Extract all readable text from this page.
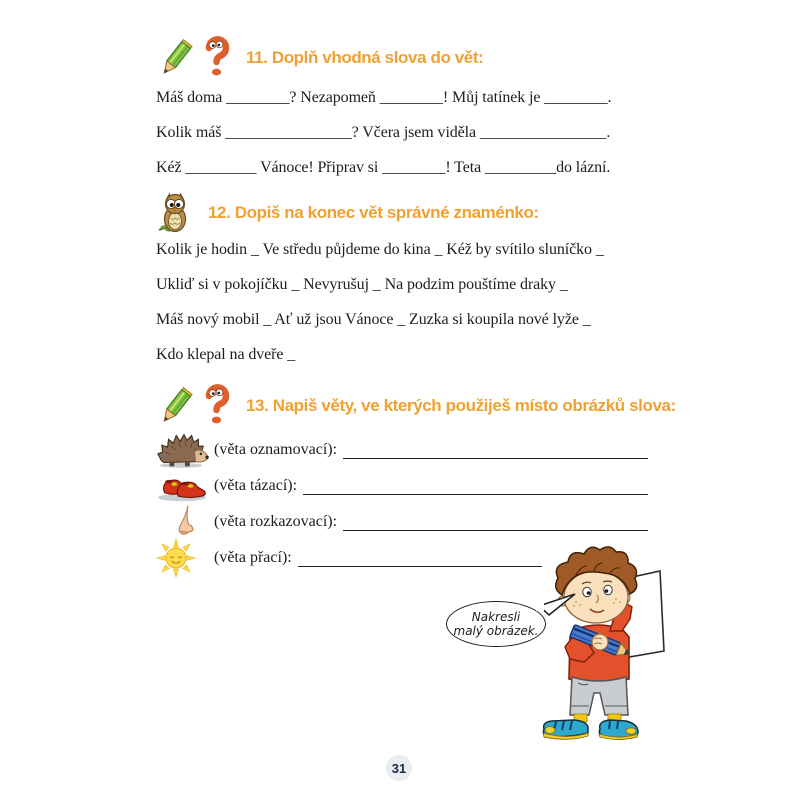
11. Doplň vhodná slova do vět:
Máš doma ________? Nezapomeň ________! Můj tatínek je ________.
Kolik máš ________________? Včera jsem viděla ________________.
Kéž _________ Vánoce! Připrav si ________! Teta _________do lázní.
12. Dopiš na konec vět správné znaménko:
Kolik je hodin _ Ve středu půjdeme do kina _ Kéž by svítilo sluníčko _
Ukliď si v pokojíčku _ Nevyrušuj _ Na podzim pouštíme draky _
Máš nový mobil _ Ať už jsou Vánoce _ Zuzka si koupila nové lyže _
Kdo klepal na dveře _
13. Napiš věty, ve kterých použiješ místo obrázků slova:
(věta oznamovací):
(věta tázací):
(věta rozkazovací):
(věta přací):
Nakresli
malý obrázek.
31
